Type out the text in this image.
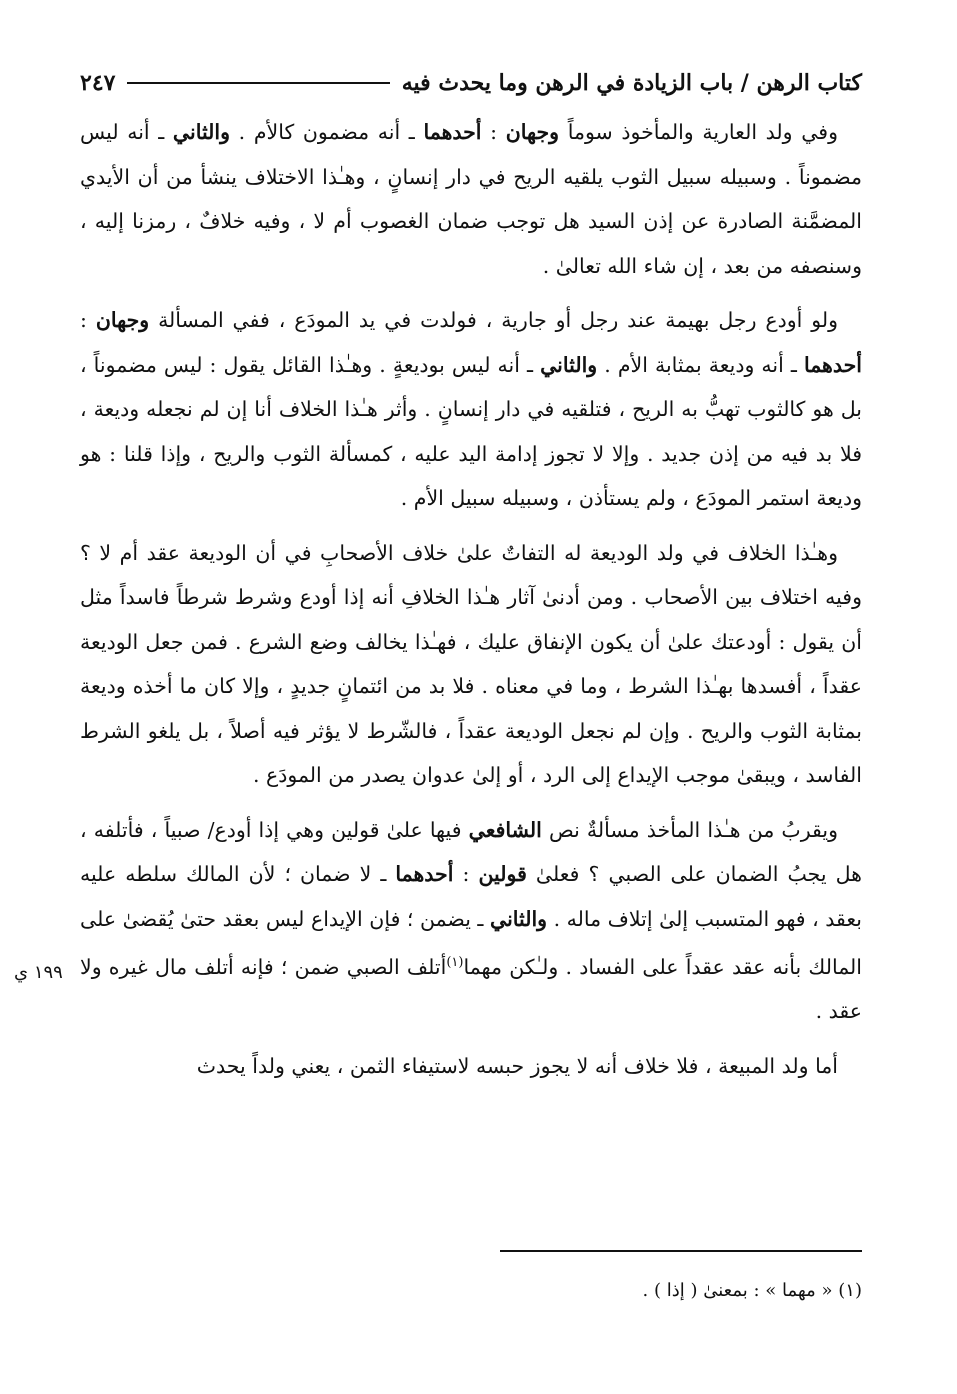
كتاب الرهن / باب الزيادة في الرهن وما يحدث فيه
٢٤٧

وفي ولد العارية والمأخوذ سوماً وجهان : أحدهما ـ أنه مضمون كالأم . والثاني ـ أنه ليس مضموناً . وسبيله سبيل الثوب يلقيه الريح في دار إنسانٍ ، وهـٰذا الاختلاف ينشأ من أن الأيدي المضمَّنة الصادرة عن إذن السيد هل توجب ضمان الغصوب أم لا ، وفيه خلافٌ ، رمزنا إليه ، وسنصفه من بعد ، إن شاء الله تعالىٰ .

ولو أودع رجل بهيمة عند رجل أو جارية ، فولدت في يد المودَع ، ففي المسألة وجهان : أحدهما ـ أنه وديعة بمثابة الأم . والثاني ـ أنه ليس بوديعةٍ . وهـٰذا القائل يقول : ليس مضموناً ، بل هو كالثوب تهبُّ به الريح ، فتلقيه في دار إنسانٍ . وأثر هـٰذا الخلاف أنا إن لم نجعله وديعة ، فلا بد فيه من إذن جديد . وإلا لا تجوز إدامة اليد عليه ، كمسألة الثوب والريح ، وإذا قلنا : هو وديعة استمر المودَع ، ولم يستأذن ، وسبيله سبيل الأم .

وهـٰذا الخلاف في ولد الوديعة له التفاتٌ علىٰ خلاف الأصحابِ في أن الوديعة عقد أم لا ؟ وفيه اختلاف بين الأصحاب . ومن أدنىٰ آثار هـٰذا الخلافِ أنه إذا أودع وشرط شرطاً فاسداً مثل أن يقول : أودعتك علىٰ أن يكون الإنفاق عليك ، فهـٰذا يخالف وضع الشرع . فمن جعل الوديعة عقداً ، أفسدها بهـٰذا الشرط ، وما في معناه . فلا بد من ائتمانٍ جديدٍ ، وإلا كان ما أخذه وديعة بمثابة الثوب والريح . وإن لم نجعل الوديعة عقداً ، فالشّرط لا يؤثر فيه أصلاً ، بل يلغو الشرط الفاسد ، ويبقىٰ موجب الإيداع إلى الرد ، أو إلىٰ عدوان يصدر من المودَع .

ويقربُ من هـٰذا المأخذ مسألةٌ نص الشافعي فيها علىٰ قولين وهي إذا أودع/ صبياً ، فأتلفه ، هل يجبُ الضمان على الصبي ؟ فعلىٰ قولين : أحدهما ـ لا ضمان ؛ لأن المالك سلطه عليه بعقد ، فهو المتسبب إلىٰ إتلاف ماله . والثاني ـ يضمن ؛ فإن الإيداع ليس بعقد حتىٰ يُقضىٰ على المالك بأنه عقد عقداً على الفساد . ولـٰكن مهما$^{(١)}$أتلف الصبي ضمن ؛ فإنه أتلف مال غيره ولا عقد .

أما ولد المبيعة ، فلا خلاف أنه لا يجوز حبسه لاستيفاء الثمن ، يعني ولداً يحدث

١٩٩ ي
(١) « مهما » : بمعنىٰ ( إذا ) .
